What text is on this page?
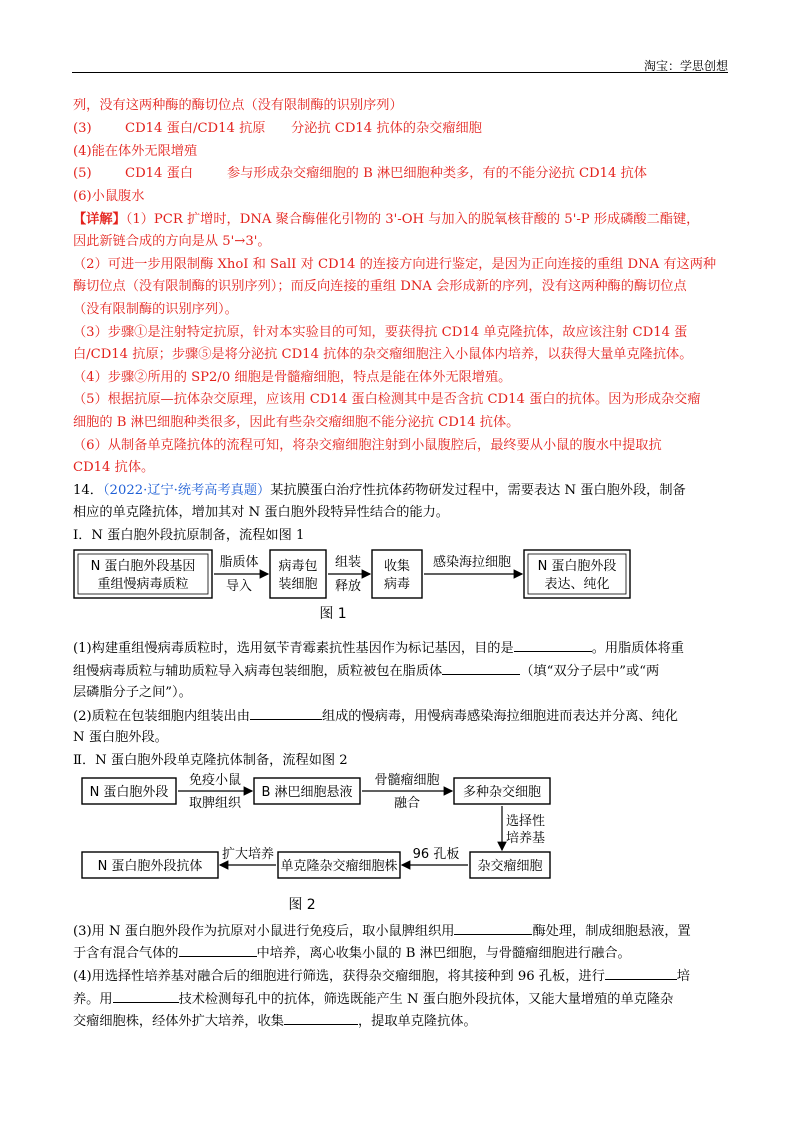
淘宝：学思创想
列，没有这两种酶的酶切位点（没有限制酶的识别序列）
(3)	CD14 蛋白/CD14 抗原 分泌抗 CD14 抗体的杂交瘤细胞
(4)能在体外无限增殖
(5)	CD14 蛋白	参与形成杂交瘤细胞的 B 淋巴细胞种类多，有的不能分泌抗 CD14 抗体
(6)小鼠腹水
【详解】（1）PCR 扩增时，DNA 聚合酶催化引物的 3'-OH 与加入的脱氧核苷酸的 5'-P 形成磷酸二酯键，
因此新链合成的方向是从 5'→3'。
（2）可进一步用限制酶 XhoI 和 SalI 对 CD14 的连接方向进行鉴定，是因为正向连接的重组 DNA 有这两种
酶切位点（没有限制酶的识别序列）；而反向连接的重组 DNA 会形成新的序列，没有这两种酶的酶切位点
（没有限制酶的识别序列）。
（3）步骤①是注射特定抗原，针对本实验目的可知，要获得抗 CD14 单克隆抗体，故应该注射 CD14 蛋
白/CD14 抗原；步骤⑤是将分泌抗 CD14 抗体的杂交瘤细胞注入小鼠体内培养，以获得大量单克隆抗体。
（4）步骤②所用的 SP2/0 细胞是骨髓瘤细胞，特点是能在体外无限增殖。
（5）根据抗原—抗体杂交原理，应该用 CD14 蛋白检测其中是否含抗 CD14 蛋白的抗体。因为形成杂交瘤
细胞的 B 淋巴细胞种类很多，因此有些杂交瘤细胞不能分泌抗 CD14 抗体。
（6）从制备单克隆抗体的流程可知，将杂交瘤细胞注射到小鼠腹腔后，最终要从小鼠的腹水中提取抗
CD14 抗体。
14．（2022·辽宁·统考高考真题）某抗膜蛋白治疗性抗体药物研发过程中，需要表达 N 蛋白胞外段，制备
相应的单克隆抗体，增加其对 N 蛋白胞外段特异性结合的能力。
Ⅰ．N 蛋白胞外段抗原制备，流程如图 1
N 蛋白胞外段基因
重组慢病毒质粒
脂质体
导入
病毒包
装细胞
组装
释放
收集
病毒
感染海拉细胞 N 蛋白胞外段
表达、纯化
图 1
(1)构建重组慢病毒质粒时，选用氨苄青霉素抗性基因作为标记基因，目的是	。用脂质体将重
组慢病毒质粒与辅助质粒导入病毒包装细胞，质粒被包在脂质体	（填“双分子层中”或“两
层磷脂分子之间”）。
(2)质粒在包装细胞内组装出由	组成的慢病毒，用慢病毒感染海拉细胞进而表达并分离、纯化
N 蛋白胞外段。
Ⅱ．N 蛋白胞外段单克隆抗体制备，流程如图 2
N 蛋白胞外段
免疫小鼠
取脾组织
B 淋巴细胞悬液
骨髓瘤细胞
融合
多种杂交细胞
选择性
培养基
杂交瘤细胞
96 孔板
单克隆杂交瘤细胞株
扩大培养
N 蛋白胞外段抗体
图 2
(3)用 N 蛋白胞外段作为抗原对小鼠进行免疫后，取小鼠脾组织用	酶处理，制成细胞悬液，置
于含有混合气体的	中培养，离心收集小鼠的 B 淋巴细胞，与骨髓瘤细胞进行融合。
(4)用选择性培养基对融合后的细胞进行筛选，获得杂交瘤细胞，将其接种到 96 孔板，进行	培
养。用	技术检测每孔中的抗体，筛选既能产生 N 蛋白胞外段抗体，又能大量增殖的单克隆杂
交瘤细胞株，经体外扩大培养，收集	，提取单克隆抗体。
